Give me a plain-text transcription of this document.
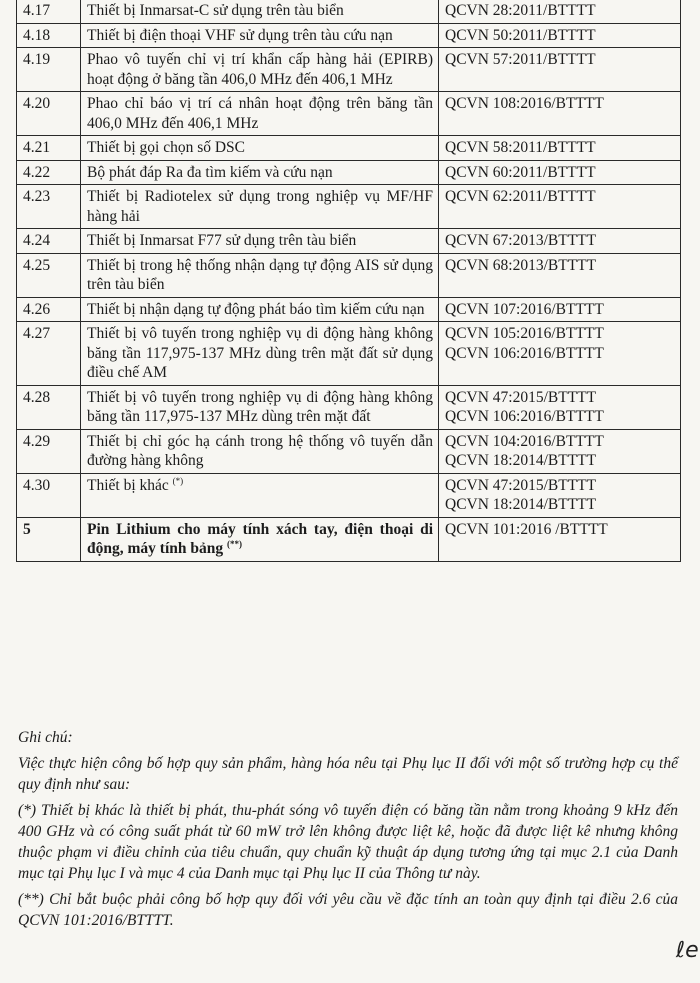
4.17	Thiết bị Inmarsat-C sử dụng trên tàu biển	QCVN 28:2011/BTTTT

4.18	Thiết bị điện thoại VHF sử dụng trên tàu cứu nạn	QCVN 50:2011/BTTTT

4.19	Phao vô tuyến chỉ vị trí khẩn cấp hàng hải (EPIRB) hoạt động ở băng tần 406,0 MHz đến 406,1 MHz	QCVN 57:2011/BTTTT

4.20	Phao chỉ báo vị trí cá nhân hoạt động trên băng tần 406,0 MHz đến 406,1 MHz	QCVN 108:2016/BTTTT

4.21	Thiết bị gọi chọn số DSC	QCVN 58:2011/BTTTT

4.22	Bộ phát đáp Ra đa tìm kiếm và cứu nạn	QCVN 60:2011/BTTTT

4.23	Thiết bị Radiotelex sử dụng trong nghiệp vụ MF/HF hàng hải	QCVN 62:2011/BTTTT

4.24	Thiết bị Inmarsat F77 sử dụng trên tàu biển	QCVN 67:2013/BTTTT

4.25	Thiết bị trong hệ thống nhận dạng tự động AIS sử dụng trên tàu biển	QCVN 68:2013/BTTTT

4.26	Thiết bị nhận dạng tự động phát báo tìm kiếm cứu nạn	QCVN 107:2016/BTTTT

4.27	Thiết bị vô tuyến trong nghiệp vụ di động hàng không băng tần 117,975-137 MHz dùng trên mặt đất sử dụng điều chế AM	QCVN 105:2016/BTTTT
QCVN 106:2016/BTTTT

4.28	Thiết bị vô tuyến trong nghiệp vụ di động hàng không băng tần 117,975-137 MHz dùng trên mặt đất	QCVN 47:2015/BTTTT
QCVN 106:2016/BTTTT

4.29	Thiết bị chỉ góc hạ cánh trong hệ thống vô tuyến dẫn đường hàng không	QCVN 104:2016/BTTTT
QCVN 18:2014/BTTTT

4.30	Thiết bị khác (*)	QCVN 47:2015/BTTTT
QCVN 18:2014/BTTTT

5	Pin Lithium cho máy tính xách tay, điện thoại di động, máy tính bảng (**)	QCVN 101:2016 /BTTTT

Ghi chú:

Việc thực hiện công bố hợp quy sản phẩm, hàng hóa nêu tại Phụ lục II đối với một số trường hợp cụ thể quy định như sau:

(*) Thiết bị khác là thiết bị phát, thu-phát sóng vô tuyến điện có băng tần nằm trong khoảng 9 kHz đến 400 GHz và có công suất phát từ 60 mW trở lên không được liệt kê, hoặc đã được liệt kê nhưng không thuộc phạm vi điều chỉnh của tiêu chuẩn, quy chuẩn kỹ thuật áp dụng tương ứng tại mục 2.1 của Danh mục tại Phụ lục I và mục 4 của Danh mục tại Phụ lục II của Thông tư này.

(**) Chỉ bắt buộc phải công bố hợp quy đối với yêu cầu về đặc tính an toàn quy định tại điều 2.6 của QCVN 101:2016/BTTTT.

ℓe
